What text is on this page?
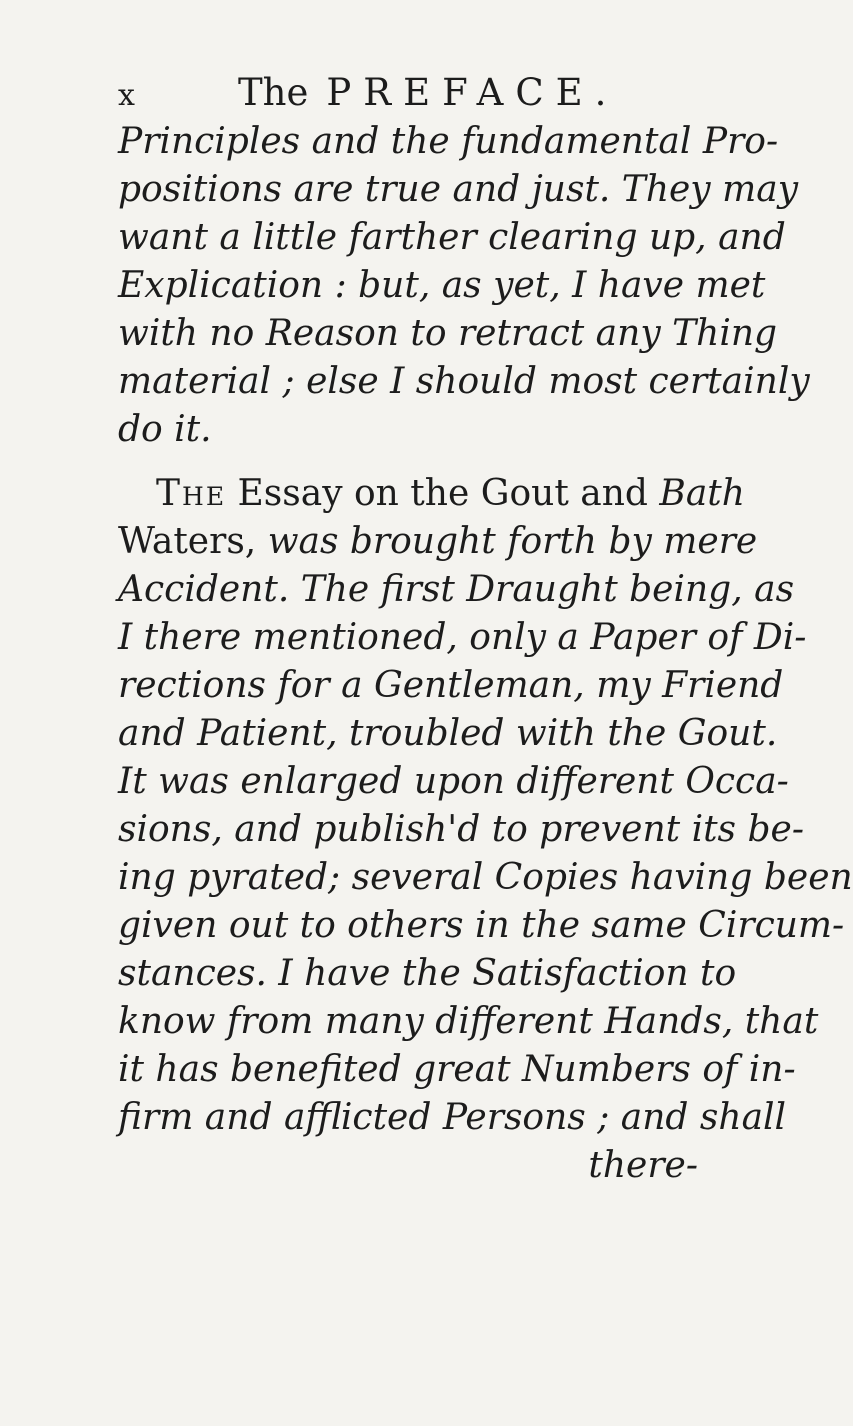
x	The PREFACE.
Principles and the fundamental Pro-
positions are true and just. They may
want a little farther clearing up, and
Explication : but, as yet, I have met
with no Reason to retract any Thing
material ; else I should most certainly
do it.
The Essay on the Gout and Bath
Waters, was brought forth by mere
Accident. The first Draught being, as
I there mentioned, only a Paper of Di-
rections for a Gentleman, my Friend
and Patient, troubled with the Gout.
It was enlarged upon different Occa-
sions, and publish'd to prevent its be-
ing pyrated; several Copies having been
given out to others in the same Circum-
stances. I have the Satisfaction to
know from many different Hands, that
it has benefited great Numbers of in-
firm and afflicted Persons ; and shall
there-
